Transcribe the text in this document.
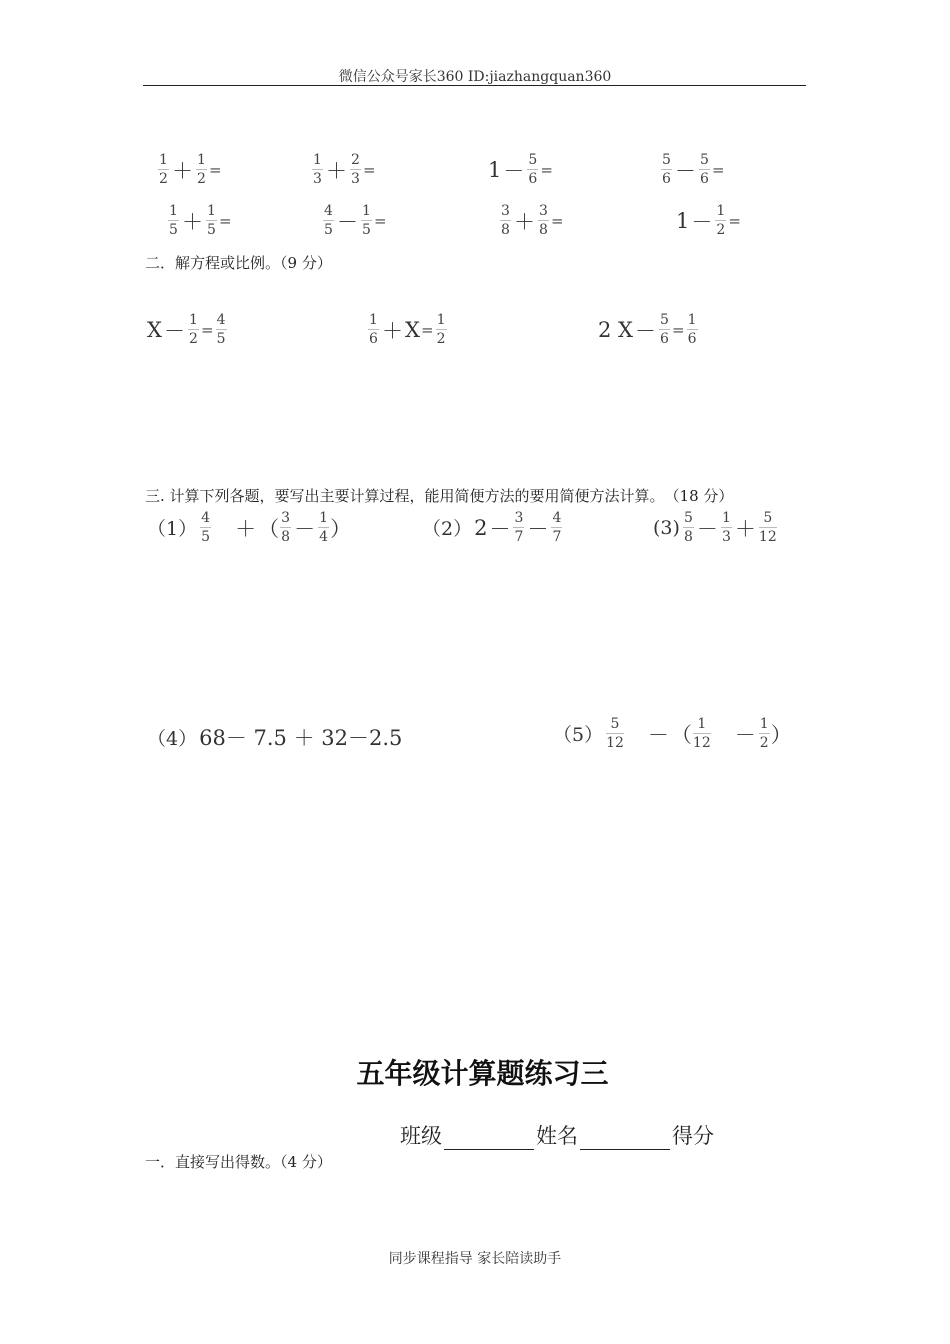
微信公众号家长360 ID:jiazhangquan360
$\frac{1}{2} + \frac{1}{2}$ =	$\frac{1}{3} + \frac{2}{3}$ =	$1 - \frac{5}{6}$ =	$\frac{5}{6} - \frac{5}{6}$ =
$\frac{1}{5} + \frac{1}{5}$ =	$\frac{4}{5} - \frac{1}{5}$ =	$\frac{3}{8} + \frac{3}{8}$ =	$1 - \frac{1}{2}$ =
二．解方程或比例。（9 分）
$X - \frac{1}{2} = \frac{4}{5}$	$\frac{1}{6} + X = \frac{1}{2}$	2 $X - \frac{5}{6} = \frac{1}{6}$
三. 计算下列各题，要写出主要计算过程，能用简便方法的要用简便方法计算。　（18 分）
$(1) \frac{4}{5}$ 　＋ （ $\frac{3}{8} - \frac{1}{4}$ ）	（2） $2 - \frac{3}{7} - \frac{4}{7}$	$(3) \frac{5}{8} - \frac{1}{3} + \frac{5}{12}$
（4） 68－ 7.5 ＋ 32－2.5	$(5) \frac{5}{12}$ 　－ （ $\frac{1}{12}$ 　－ $\frac{1}{2}$ ）
五年级计算题练习三
班级	姓名	得分
一．直接写出得数。（4 分）
同步课程指导 家长陪读助手
